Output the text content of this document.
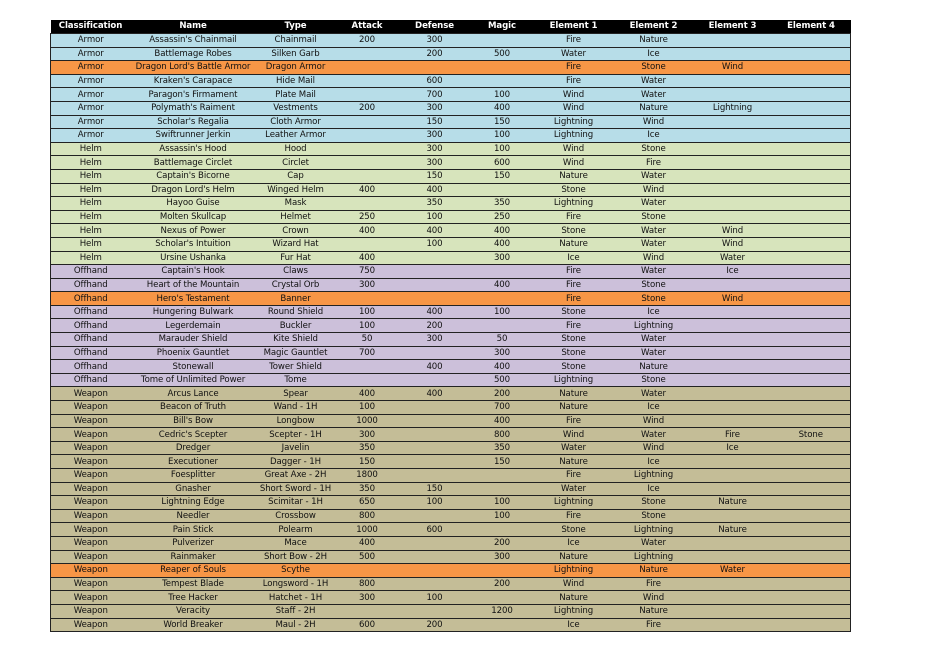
Classification	Name	Type	Attack	Defense	Magic	Element 1	Element 2	Element 3	Element 4
Armor	Assassin's Chainmail	Chainmail	200	300		Fire	Nature		
Armor	Battlemage Robes	Silken Garb		200	500	Water	Ice		
Armor	Dragon Lord's Battle Armor	Dragon Armor				Fire	Stone	Wind	
Armor	Kraken's Carapace	Hide Mail		600		Fire	Water		
Armor	Paragon's Firmament	Plate Mail		700	100	Wind	Water		
Armor	Polymath's Raiment	Vestments	200	300	400	Wind	Nature	Lightning	
Armor	Scholar's Regalia	Cloth Armor		150	150	Lightning	Wind		
Armor	Swiftrunner Jerkin	Leather Armor		300	100	Lightning	Ice		
Helm	Assassin's Hood	Hood		300	100	Wind	Stone		
Helm	Battlemage Circlet	Circlet		300	600	Wind	Fire		
Helm	Captain's Bicorne	Cap		150	150	Nature	Water		
Helm	Dragon Lord's Helm	Winged Helm	400	400		Stone	Wind		
Helm	Hayoo Guise	Mask		350	350	Lightning	Water		
Helm	Molten Skullcap	Helmet	250	100	250	Fire	Stone		
Helm	Nexus of Power	Crown	400	400	400	Stone	Water	Wind	
Helm	Scholar's Intuition	Wizard Hat		100	400	Nature	Water	Wind	
Helm	Ursine Ushanka	Fur Hat	400		300	Ice	Wind	Water	
Offhand	Captain's Hook	Claws	750			Fire	Water	Ice	
Offhand	Heart of the Mountain	Crystal Orb	300		400	Fire	Stone		
Offhand	Hero's Testament	Banner				Fire	Stone	Wind	
Offhand	Hungering Bulwark	Round Shield	100	400	100	Stone	Ice		
Offhand	Legerdemain	Buckler	100	200		Fire	Lightning		
Offhand	Marauder Shield	Kite Shield	50	300	50	Stone	Water		
Offhand	Phoenix Gauntlet	Magic Gauntlet	700		300	Stone	Water		
Offhand	Stonewall	Tower Shield		400	400	Stone	Nature		
Offhand	Tome of Unlimited Power	Tome			500	Lightning	Stone		
Weapon	Arcus Lance	Spear	400	400	200	Nature	Water		
Weapon	Beacon of Truth	Wand - 1H	100		700	Nature	Ice		
Weapon	Bill's Bow	Longbow	1000		400	Fire	Wind		
Weapon	Cedric's Scepter	Scepter - 1H	300		800	Wind	Water	Fire	Stone
Weapon	Dredger	Javelin	350		350	Water	Wind	Ice	
Weapon	Executioner	Dagger - 1H	150		150	Nature	Ice		
Weapon	Foesplitter	Great Axe - 2H	1800			Fire	Lightning		
Weapon	Gnasher	Short Sword - 1H	350	150		Water	Ice		
Weapon	Lightning Edge	Scimitar - 1H	650	100	100	Lightning	Stone	Nature	
Weapon	Needler	Crossbow	800		100	Fire	Stone		
Weapon	Pain Stick	Polearm	1000	600		Stone	Lightning	Nature	
Weapon	Pulverizer	Mace	400		200	Ice	Water		
Weapon	Rainmaker	Short Bow - 2H	500		300	Nature	Lightning		
Weapon	Reaper of Souls	Scythe				Lightning	Nature	Water	
Weapon	Tempest Blade	Longsword - 1H	800		200	Wind	Fire		
Weapon	Tree Hacker	Hatchet - 1H	300	100		Nature	Wind		
Weapon	Veracity	Staff - 2H			1200	Lightning	Nature		
Weapon	World Breaker	Maul - 2H	600	200		Ice	Fire		
